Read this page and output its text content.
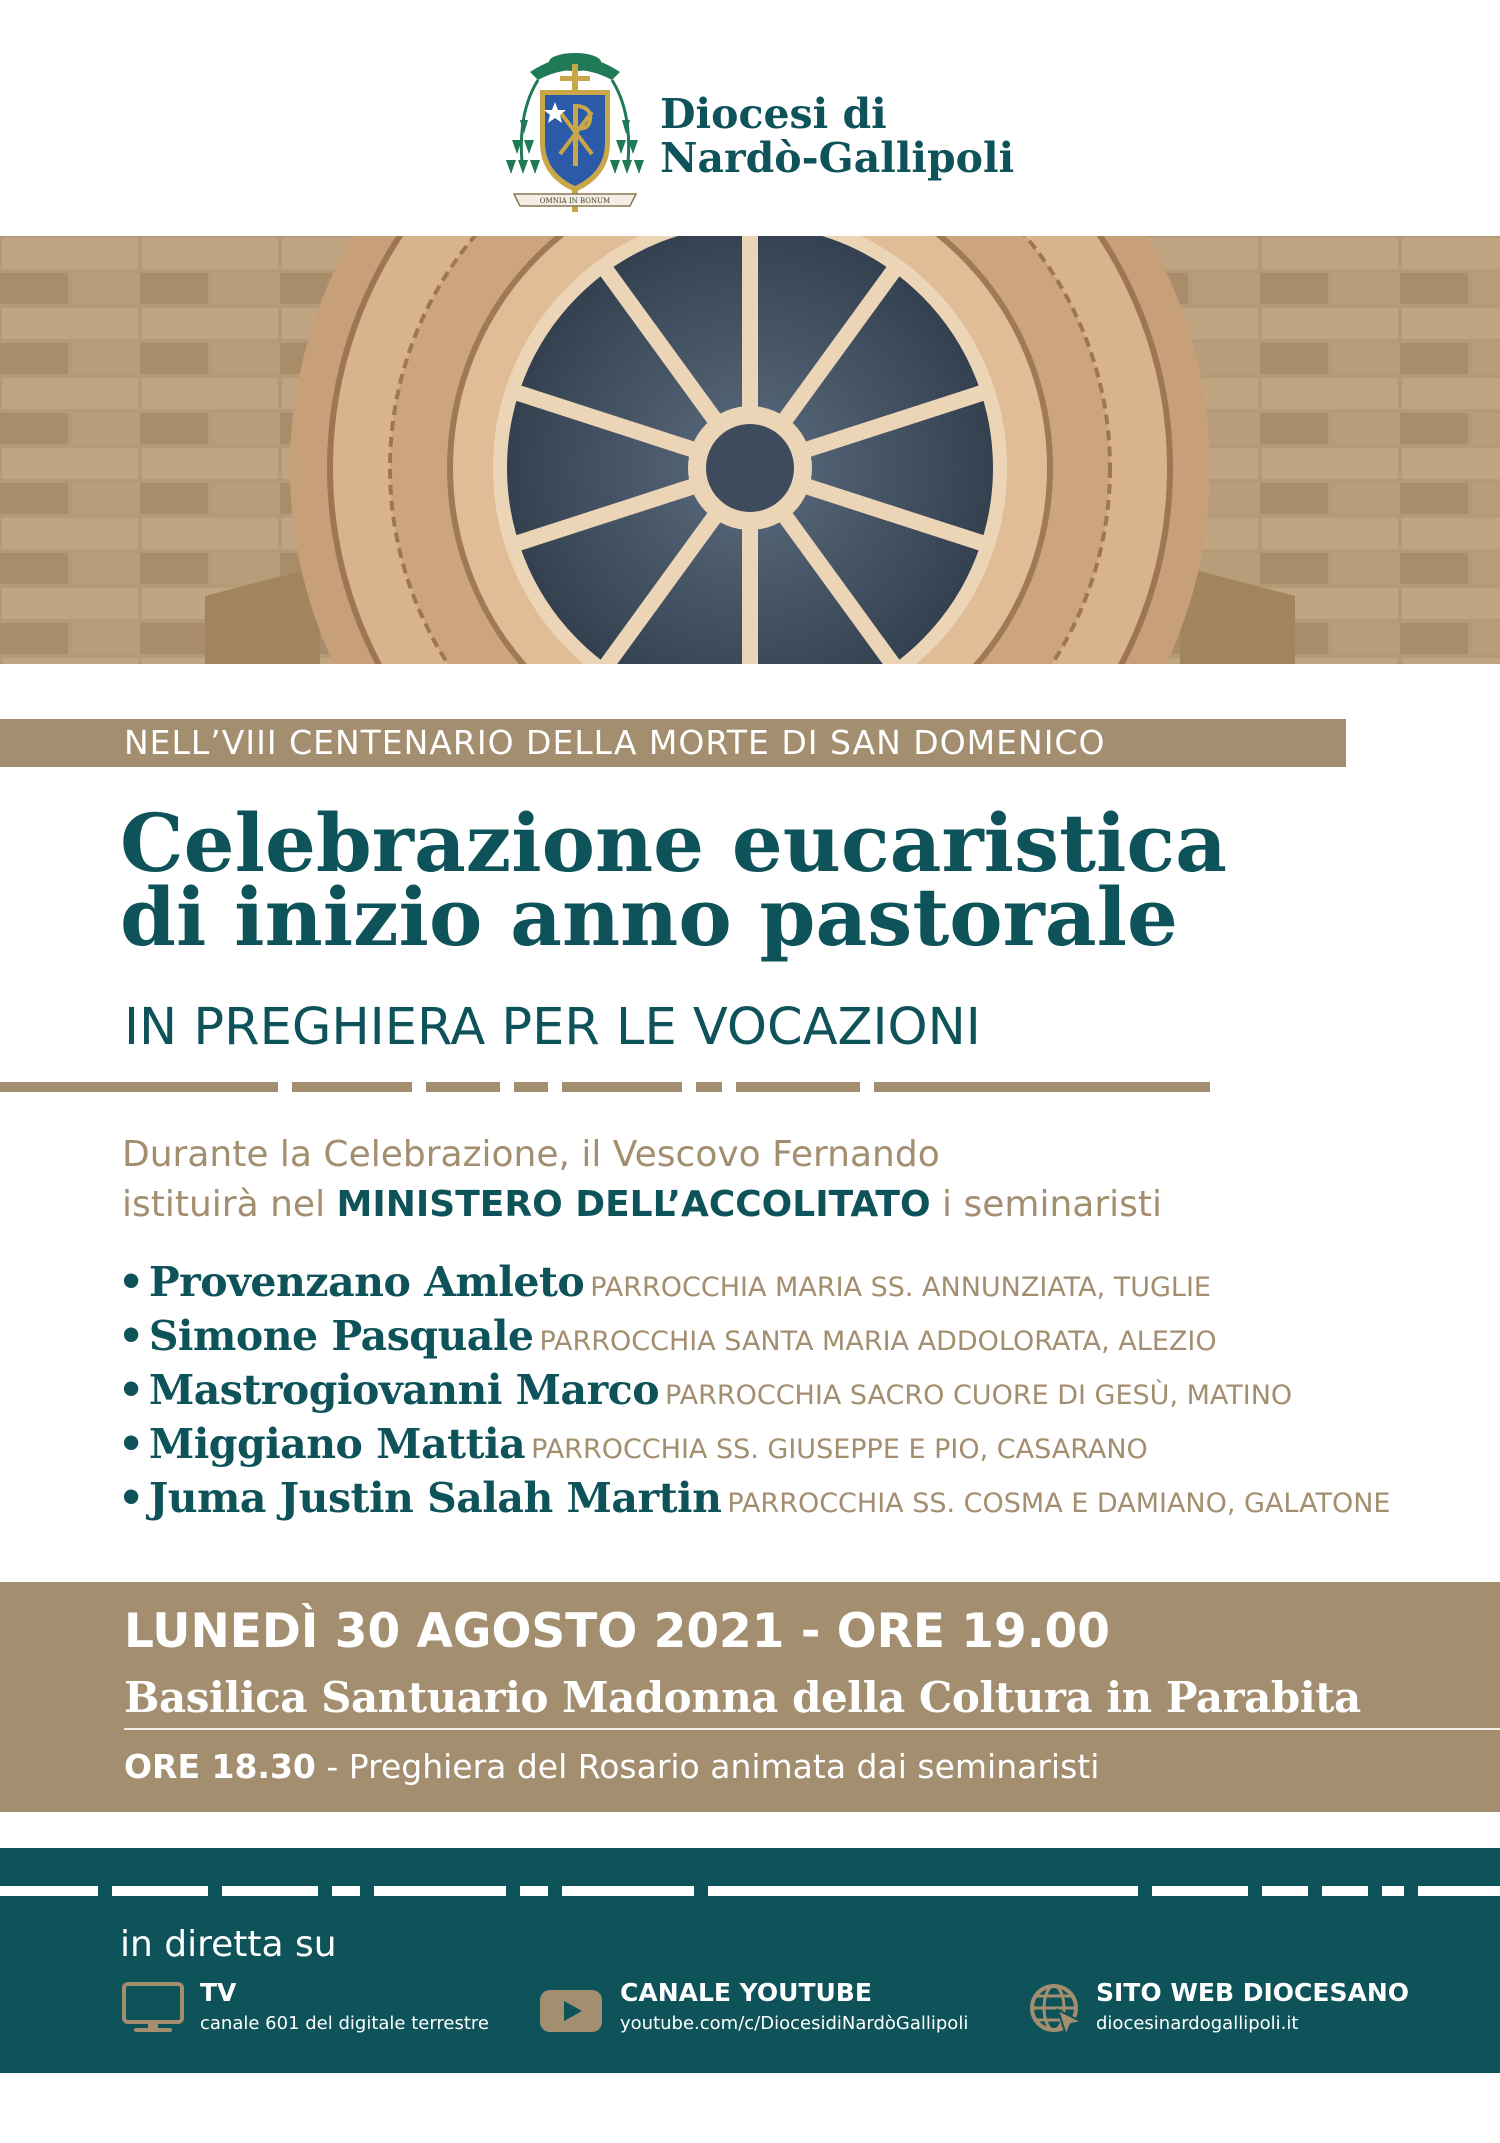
OMNIA IN BONUM
Diocesi di
Nardò-Gallipoli
NELL’VIII CENTENARIO DELLA MORTE DI SAN DOMENICO
Celebrazione eucaristica
di inizio anno pastorale
IN PREGHIERA PER LE VOCAZIONI
Durante la Celebrazione, il Vescovo Fernando
istituirà nel MINISTERO DELL’ACCOLITATO i seminaristi
• Provenzano Amleto PARROCCHIA MARIA SS. ANNUNZIATA, TUGLIE
• Simone Pasquale PARROCCHIA SANTA MARIA ADDOLORATA, ALEZIO
• Mastrogiovanni Marco PARROCCHIA SACRO CUORE DI GESÙ, MATINO
• Miggiano Mattia PARROCCHIA SS. GIUSEPPE E PIO, CASARANO
• Juma Justin Salah Martin PARROCCHIA SS. COSMA E DAMIANO, GALATONE
LUNEDÌ 30 AGOSTO 2021 - ORE 19.00
Basilica Santuario Madonna della Coltura in Parabita
ORE 18.30 - Preghiera del Rosario animata dai seminaristi
in diretta su
TV
canale 601 del digitale terrestre
CANALE YOUTUBE
youtube.com/c/DiocesidiNardòGallipoli
SITO WEB DIOCESANO
diocesinardogallipoli.it
